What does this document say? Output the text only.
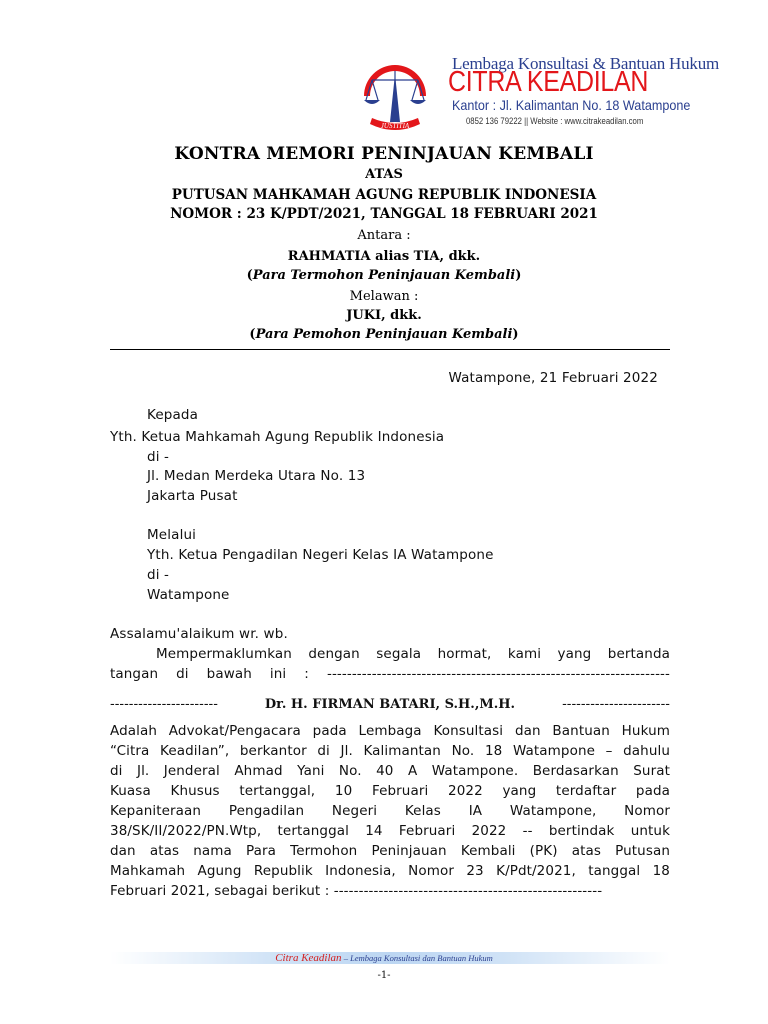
JUSTITIA
Lembaga Konsultasi & Bantuan Hukum
CITRA KEADILAN
Kantor : Jl. Kalimantan No. 18 Watampone
0852 136 79222 || Website : www.citrakeadilan.com
KONTRA MEMORI PENINJAUAN KEMBALI
ATAS
PUTUSAN MAHKAMAH AGUNG REPUBLIK INDONESIA
NOMOR : 23 K/PDT/2021, TANGGAL 18 FEBRUARI 2021
Antara :
RAHMATIA alias TIA, dkk.
(Para Termohon Peninjauan Kembali)
Melawan :
JUKI, dkk.
(Para Pemohon Peninjauan Kembali)
Watampone, 21 Februari 2022
Kepada
Yth. Ketua Mahkamah Agung Republik Indonesia
di -
Jl. Medan Merdeka Utara No. 13
Jakarta Pusat
Melalui
Yth. Ketua Pengadilan Negeri Kelas IA Watampone
di -
Watampone
Assalamu'alaikum wr. wb.
Mempermaklumkan dengan segala hormat, kami yang bertanda
tangan di bawah ini : ---------------------------------------------------------------------
-----------------------	Dr. H. FIRMAN BATARI, S.H.,M.H.	-----------------------
Adalah Advokat/Pengacara pada Lembaga Konsultasi dan Bantuan Hukum
“Citra Keadilan”, berkantor di Jl. Kalimantan No. 18 Watampone – dahulu
di Jl. Jenderal Ahmad Yani No. 40 A Watampone. Berdasarkan Surat
Kuasa Khusus tertanggal, 10 Februari 2022 yang terdaftar pada
Kepaniteraan Pengadilan Negeri Kelas IA Watampone, Nomor
38/SK/II/2022/PN.Wtp, tertanggal 14 Februari 2022 -- bertindak untuk
dan atas nama Para Termohon Peninjauan Kembali (PK) atas Putusan
Mahkamah Agung Republik Indonesia, Nomor 23 K/Pdt/2021, tanggal 18
Februari 2021, sebagai berikut : ------------------------------------------------------
Citra Keadilan – Lembaga Konsultasi dan Bantuan Hukum
-1-
